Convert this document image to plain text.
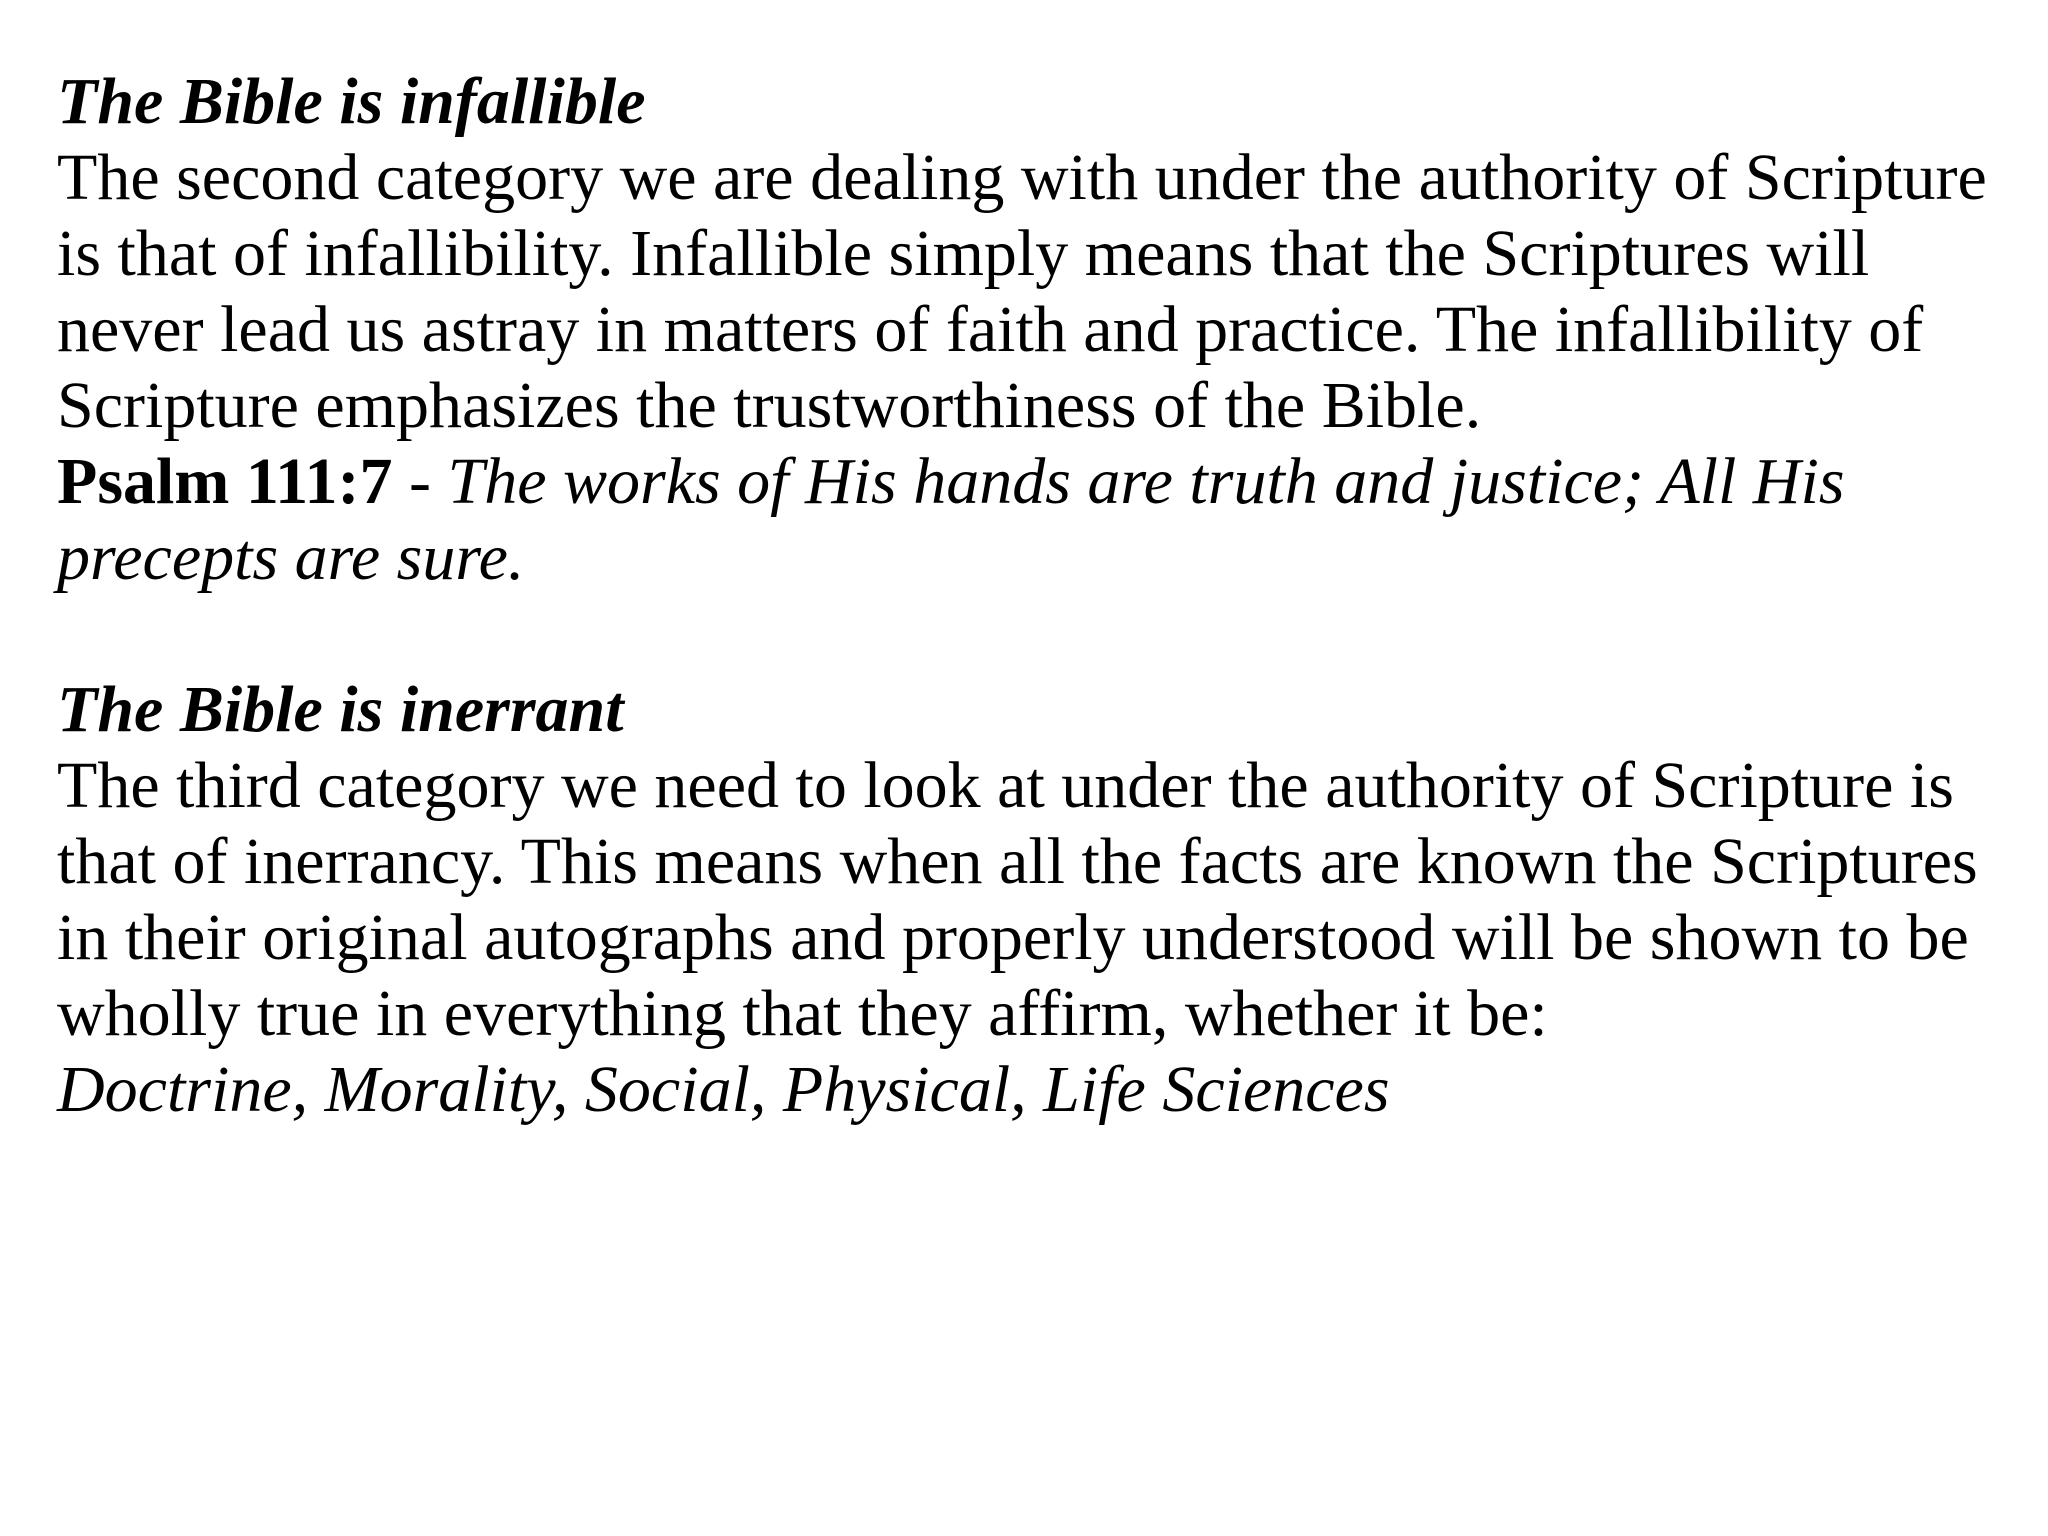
The Bible is infallible

The second category we are dealing with under the authority of Scripture is that of infallibility. Infallible simply means that the Scriptures will never lead us astray in matters of faith and practice. The infallibility of Scripture emphasizes the trustworthiness of the Bible.

Psalm 111:7 - The works of His hands are truth and justice; All His precepts are sure.

The Bible is inerrant

The third category we need to look at under the authority of Scripture is that of inerrancy. This means when all the facts are known the Scriptures in their original autographs and properly understood will be shown to be wholly true in everything that they affirm, whether it be:

Doctrine, Morality, Social, Physical, Life Sciences
